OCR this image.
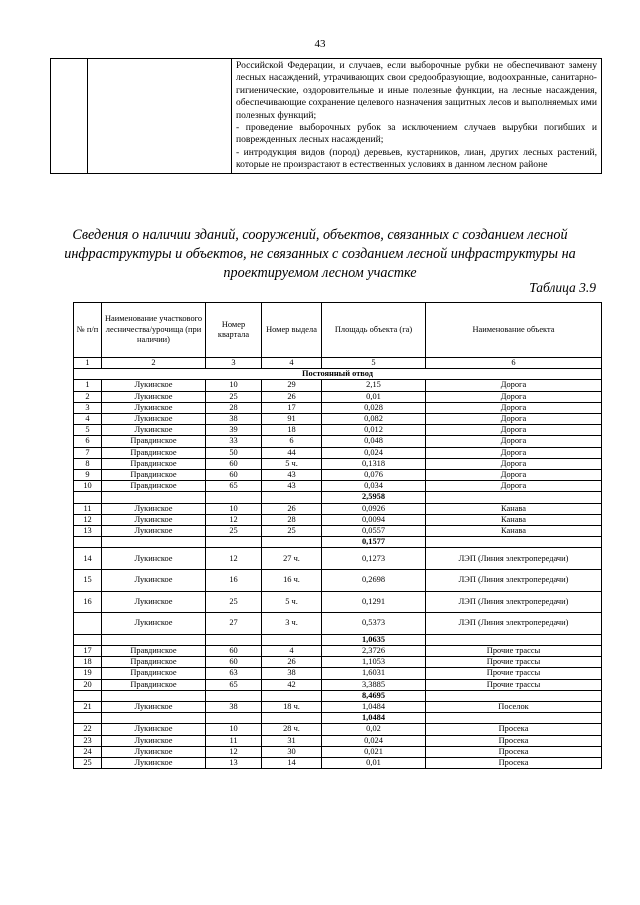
43

Российской Федерации, и случаев, если выборочные рубки не обеспечивают замену лесных насаждений, утрачивающих свои средообразующие, водоохранные, санитарно-гигиенические, оздоровительные и иные полезные функции, на лесные насаждения, обеспечивающие сохранение целевого назначения защитных лесов и выполняемых ими полезных функций;

- проведение выборочных рубок за исключением случаев вырубки погибших и поврежденных лесных насаждений;

- интродукция видов (пород) деревьев, кустарников, лиан, других лесных растений, которые не произрастают в естественных условиях в данном лесном районе

Сведения о наличии зданий, сооружений, объектов, связанных с созданием лесной инфраструктуры и объектов, не связанных с созданием лесной инфраструктуры на проектируемом лесном участке
Таблица 3.9
№ п/п	Наименование участкового лесничества/урочища (при наличии)	Номер квартала	Номер выдела	Площадь объекта (га)	Наименование объекта
1	2	3	4	5	6
Постоянный отвод					
1	Лукинское	10	29	2,15	Дорога
2	Лукинское	25	26	0,01	Дорога
3	Лукинское	28	17	0,028	Дорога
4	Лукинское	38	91	0,082	Дорога
5	Лукинское	39	18	0,012	Дорога
6	Правдинское	33	6	0,048	Дорога
7	Правдинское	50	44	0,024	Дорога
8	Правдинское	60	5 ч.	0,1318	Дорога
9	Правдинское	60	43	0,076	Дорога
10	Правдинское	65	43	0,034	Дорога
				2,5958	
11	Лукинское	10	26	0,0926	Канава
12	Лукинское	12	28	0,0094	Канава
13	Лукинское	25	25	0,0557	Канава
				0,1577	
14	Лукинское	12	27 ч.	0,1273	ЛЭП (Линия электропередачи)
15	Лукинское	16	16 ч.	0,2698	ЛЭП (Линия электропередачи)
16	Лукинское	25	5 ч.	0,1291	ЛЭП (Линия электропередачи)
	Лукинское	27	3 ч.	0,5373	ЛЭП (Линия электропередачи)
				1,0635	
17	Правдинское	60	4	2,3726	Прочие трассы
18	Правдинское	60	26	1,1053	Прочие трассы
19	Правдинское	63	38	1,6031	Прочие трассы
20	Правдинское	65	42	3,3885	Прочие трассы
				8,4695	
21	Лукинское	38	18 ч.	1,0484	Поселок
				1,0484	
22	Лукинское	10	28 ч.	0,02	Просека
23	Лукинское	11	31	0,024	Просека
24	Лукинское	12	30	0,021	Просека
25	Лукинское	13	14	0,01	Просека
